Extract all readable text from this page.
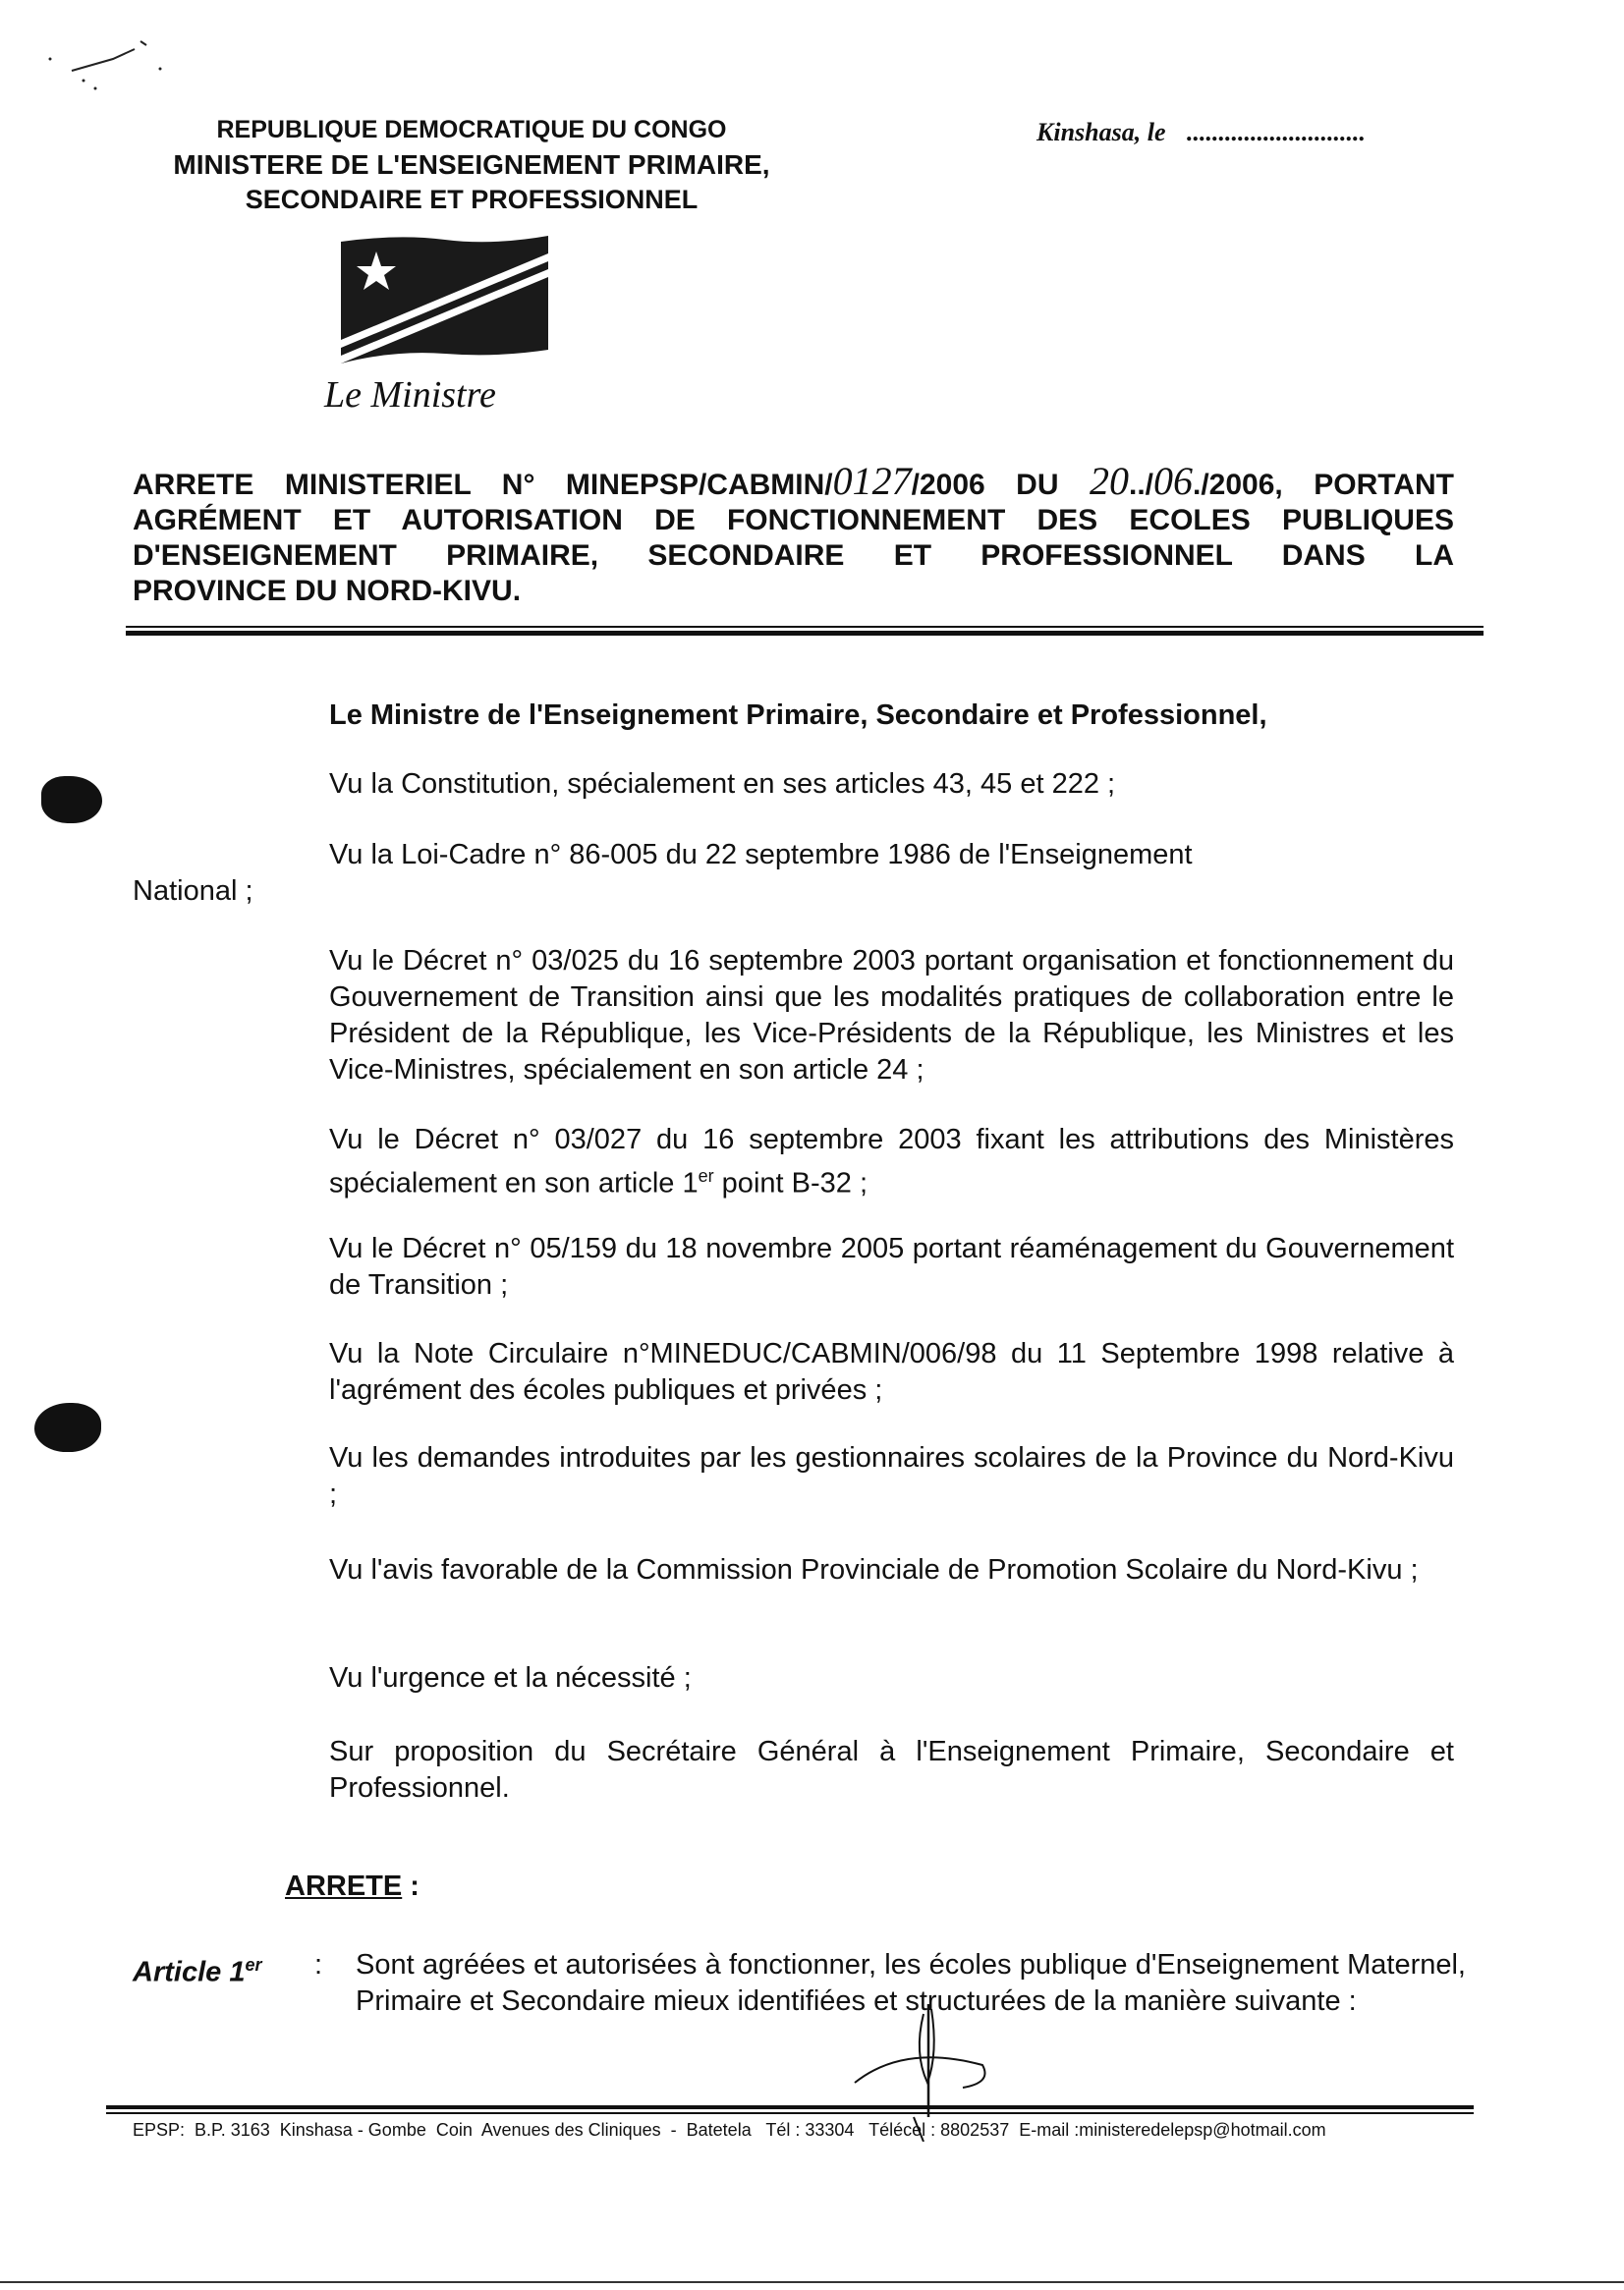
REPUBLIQUE DEMOCRATIQUE DU CONGO
MINISTERE DE L'ENSEIGNEMENT PRIMAIRE,
SECONDAIRE ET PROFESSIONNEL
Kinshasa, le ............................
Le Ministre
ARRETE MINISTERIEL N° MINEPSP/CABMIN/0127/2006 DU 20../06./2006, PORTANT
AGRÉMENT ET AUTORISATION DE FONCTIONNEMENT DES ECOLES PUBLIQUES
D'ENSEIGNEMENT PRIMAIRE, SECONDAIRE ET PROFESSIONNEL DANS LA
PROVINCE DU NORD-KIVU.
Le Ministre de l'Enseignement Primaire, Secondaire et Professionnel,
Vu la Constitution, spécialement en ses articles 43, 45 et 222 ;
Vu la Loi-Cadre n° 86-005 du 22 septembre 1986 de l'Enseignement
National ;
Vu le Décret n° 03/025 du 16 septembre 2003 portant organisation et fonctionnement du Gouvernement de Transition ainsi que les modalités pratiques de collaboration entre le Président de la République, les Vice-Présidents de la République, les Ministres et les Vice-Ministres, spécialement en son article 24 ;
Vu le Décret n° 03/027 du 16 septembre 2003 fixant les attributions des Ministères spécialement en son article 1er point B-32 ;
Vu le Décret n° 05/159 du 18 novembre 2005 portant réaménagement du Gouvernement de Transition ;
Vu la Note Circulaire n°MINEDUC/CABMIN/006/98 du 11 Septembre 1998 relative à l'agrément des écoles publiques et privées ;
Vu les demandes introduites par les gestionnaires scolaires de la Province du Nord-Kivu ;
Vu l'avis favorable de la Commission Provinciale de Promotion Scolaire du Nord-Kivu ;
Vu l'urgence et la nécessité ;
Sur proposition du Secrétaire Général à l'Enseignement Primaire, Secondaire et Professionnel.
ARRETE :
Article 1er : Sont agréées et autorisées à fonctionner, les écoles publique d'Enseignement Maternel, Primaire et Secondaire mieux identifiées et structurées de la manière suivante :
EPSP:  B.P. 3163  Kinshasa - Gombe  Coin  Avenues des Cliniques  -  Batetela   Tél : 33304   Télécel : 8802537  E-mail :ministeredelepsp@hotmail.com
